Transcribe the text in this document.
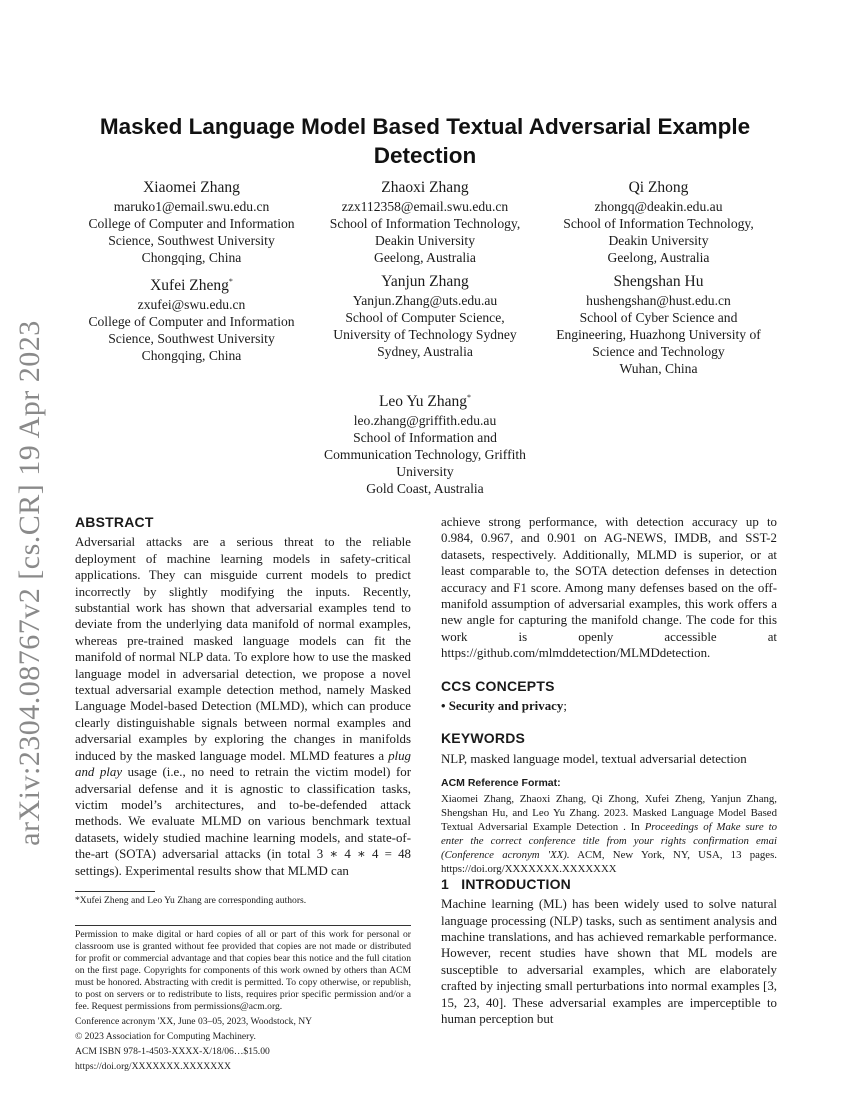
arXiv:2304.08767v2 [cs.CR] 19 Apr 2023
Masked Language Model Based Textual Adversarial Example Detection
Xiaomei Zhang
maruko1@email.swu.edu.cn
College of Computer and Information
Science, Southwest University
Chongqing, China
Zhaoxi Zhang
zzx112358@email.swu.edu.cn
School of Information Technology,
Deakin University
Geelong, Australia
Qi Zhong
zhongq@deakin.edu.au
School of Information Technology,
Deakin University
Geelong, Australia
Xufei Zheng*
zxufei@swu.edu.cn
College of Computer and Information
Science, Southwest University
Chongqing, China
Yanjun Zhang
Yanjun.Zhang@uts.edu.au
School of Computer Science,
University of Technology Sydney
Sydney, Australia
Shengshan Hu
hushengshan@hust.edu.cn
School of Cyber Science and
Engineering, Huazhong University of
Science and Technology
Wuhan, China
Leo Yu Zhang*
leo.zhang@griffith.edu.au
School of Information and
Communication Technology, Griffith
University
Gold Coast, Australia
ABSTRACT

Adversarial attacks are a serious threat to the reliable deployment of machine learning models in safety-critical applications. They can misguide current models to predict incorrectly by slightly modifying the inputs. Recently, substantial work has shown that adversarial examples tend to deviate from the underlying data manifold of normal examples, whereas pre-trained masked language models can fit the manifold of normal NLP data. To explore how to use the masked language model in adversarial detection, we propose a novel textual adversarial example detection method, namely Masked Language Model-based Detection (MLMD), which can produce clearly distinguishable signals between normal examples and adversarial examples by exploring the changes in manifolds induced by the masked language model. MLMD features a plug and play usage (i.e., no need to retrain the victim model) for adversarial defense and it is agnostic to classification tasks, victim model’s architectures, and to-be-defended attack methods. We evaluate MLMD on various benchmark textual datasets, widely studied machine learning models, and state-of-the-art (SOTA) adversarial attacks (in total 3 ∗ 4 ∗ 4 = 48 settings). Experimental results show that MLMD can

*Xufei Zheng and Leo Yu Zhang are corresponding authors.

Permission to make digital or hard copies of all or part of this work for personal or classroom use is granted without fee provided that copies are not made or distributed for profit or commercial advantage and that copies bear this notice and the full citation on the first page. Copyrights for components of this work owned by others than ACM must be honored. Abstracting with credit is permitted. To copy otherwise, or republish, to post on servers or to redistribute to lists, requires prior specific permission and/or a fee. Request permissions from permissions@acm.org.

Conference acronym 'XX, June 03–05, 2023, Woodstock, NY

© 2023 Association for Computing Machinery.

ACM ISBN 978-1-4503-XXXX-X/18/06…$15.00

https://doi.org/XXXXXXX.XXXXXXX

achieve strong performance, with detection accuracy up to 0.984, 0.967, and 0.901 on AG-NEWS, IMDB, and SST-2 datasets, respectively. Additionally, MLMD is superior, or at least comparable to, the SOTA detection defenses in detection accuracy and F1 score. Among many defenses based on the off-manifold assumption of adversarial examples, this work offers a new angle for capturing the manifold change. The code for this work is openly accessible at https://github.com/mlmddetection/MLMDdetection.

CCS CONCEPTS

• Security and privacy;

KEYWORDS

NLP, masked language model, textual adversarial detection

ACM Reference Format:

Xiaomei Zhang, Zhaoxi Zhang, Qi Zhong, Xufei Zheng, Yanjun Zhang, Shengshan Hu, and Leo Yu Zhang. 2023. Masked Language Model Based Textual Adversarial Example Detection . In Proceedings of Make sure to enter the correct conference title from your rights confirmation emai (Conference acronym 'XX). ACM, New York, NY, USA, 13 pages. https://doi.org/XXXXXXX.XXXXXXX

1   INTRODUCTION

Machine learning (ML) has been widely used to solve natural language processing (NLP) tasks, such as sentiment analysis and machine translations, and has achieved remarkable performance. However, recent studies have shown that ML models are susceptible to adversarial examples, which are elaborately crafted by injecting small perturbations into normal examples [3, 15, 23, 40]. These adversarial examples are imperceptible to human perception but
